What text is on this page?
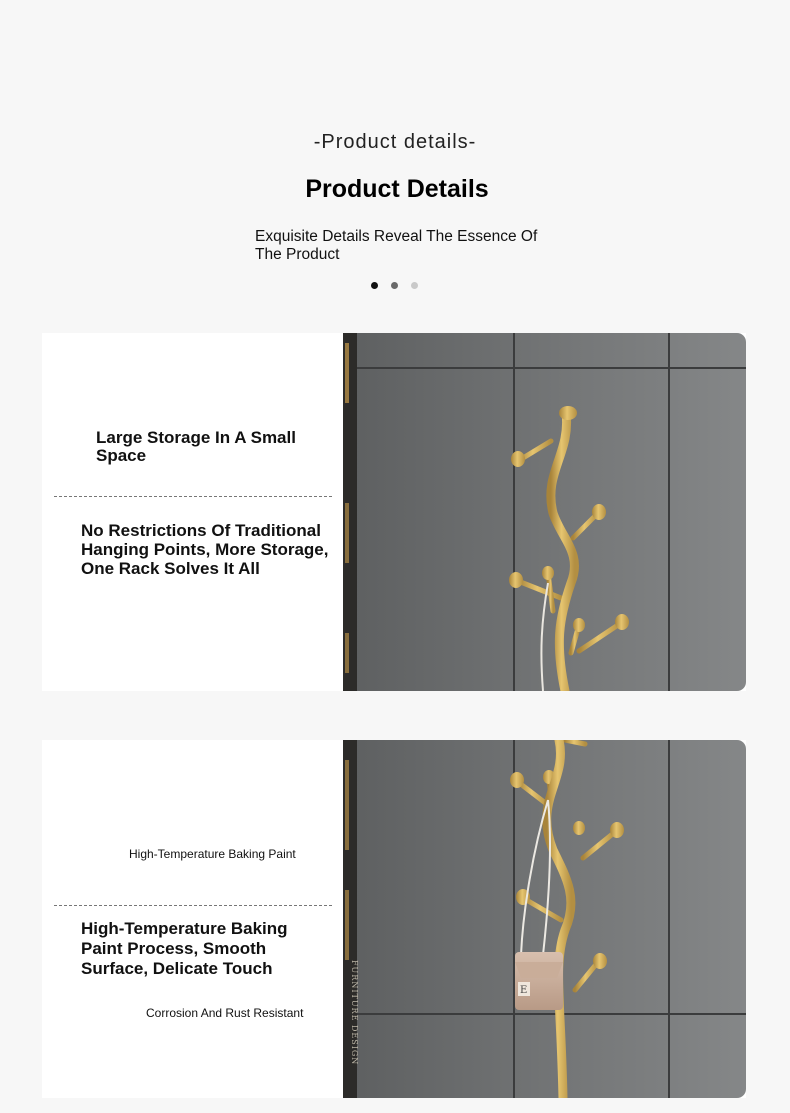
-Product details-
Product Details
Exquisite Details Reveal The Essence Of The Product
Large Storage In A Small Space
No Restrictions Of Traditional Hanging Points, More Storage, One Rack Solves It All
High-Temperature Baking Paint
High-Temperature Baking Paint Process, Smooth Surface, Delicate Touch
Corrosion And Rust Resistant	FURNITURE DESIGN	E
